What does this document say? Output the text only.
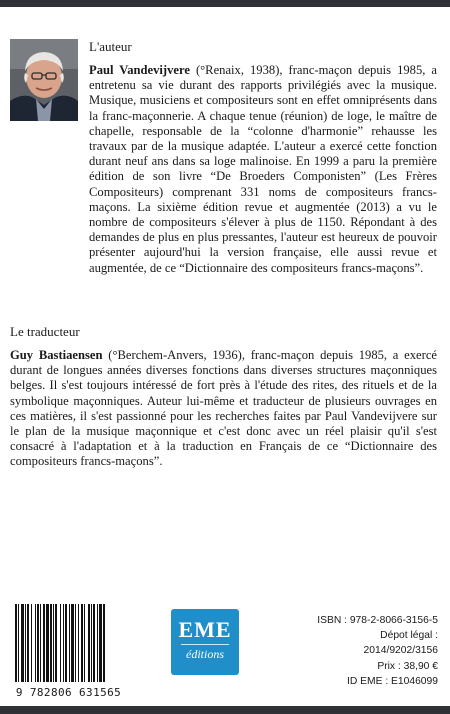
L'auteur
Paul Vandevijvere (°Renaix, 1938), franc-maçon depuis 1985, a entretenu sa vie durant des rapports privilégiés avec la musique. Musique, musiciens et compositeurs sont en effet omniprésents dans la franc-maçonnerie. A chaque tenue (réunion) de loge, le maître de chapelle, responsable de la “colonne d'harmonie” rehausse les travaux par de la musique adaptée. L'auteur a exercé cette fonction durant neuf ans dans sa loge malinoise. En 1999 a paru la première édition de son livre “De Broeders Componisten” (Les Frères Compositeurs) comprenant 331 noms de compositeurs francs-maçons. La sixième édition revue et augmentée (2013) a vu le nombre de compositeurs s'élever à plus de 1150. Répondant à des demandes de plus en plus pressantes, l'auteur est heureux de pouvoir présenter aujourd'hui la version française, elle aussi revue et augmentée, de ce “Dictionnaire des compositeurs francs-maçons”.
Le traducteur
Guy Bastiaensen (°Berchem-Anvers, 1936), franc-maçon depuis 1985, a exercé durant de longues années diverses fonctions dans diverses structures maçonniques belges. Il s'est toujours intéressé de fort près à l'étude des rites, des rituels et de la symbolique maçonniques. Auteur lui-même et traducteur de plusieurs ouvrages en ces matières, il s'est passionné pour les recherches faites par Paul Vandevijvere sur le plan de la musique maçonnique et c'est donc avec un réel plaisir qu'il s'est consacré à l'adaptation et à la traduction en Français de ce “Dictionnaire des compositeurs francs-maçons”.
9 782806 631565
EME
éditions
ISBN : 978-2-8066-3156-5
Dépot légal : 2014/9202/3156
Prix : 38,90 €
ID EME : E1046099
